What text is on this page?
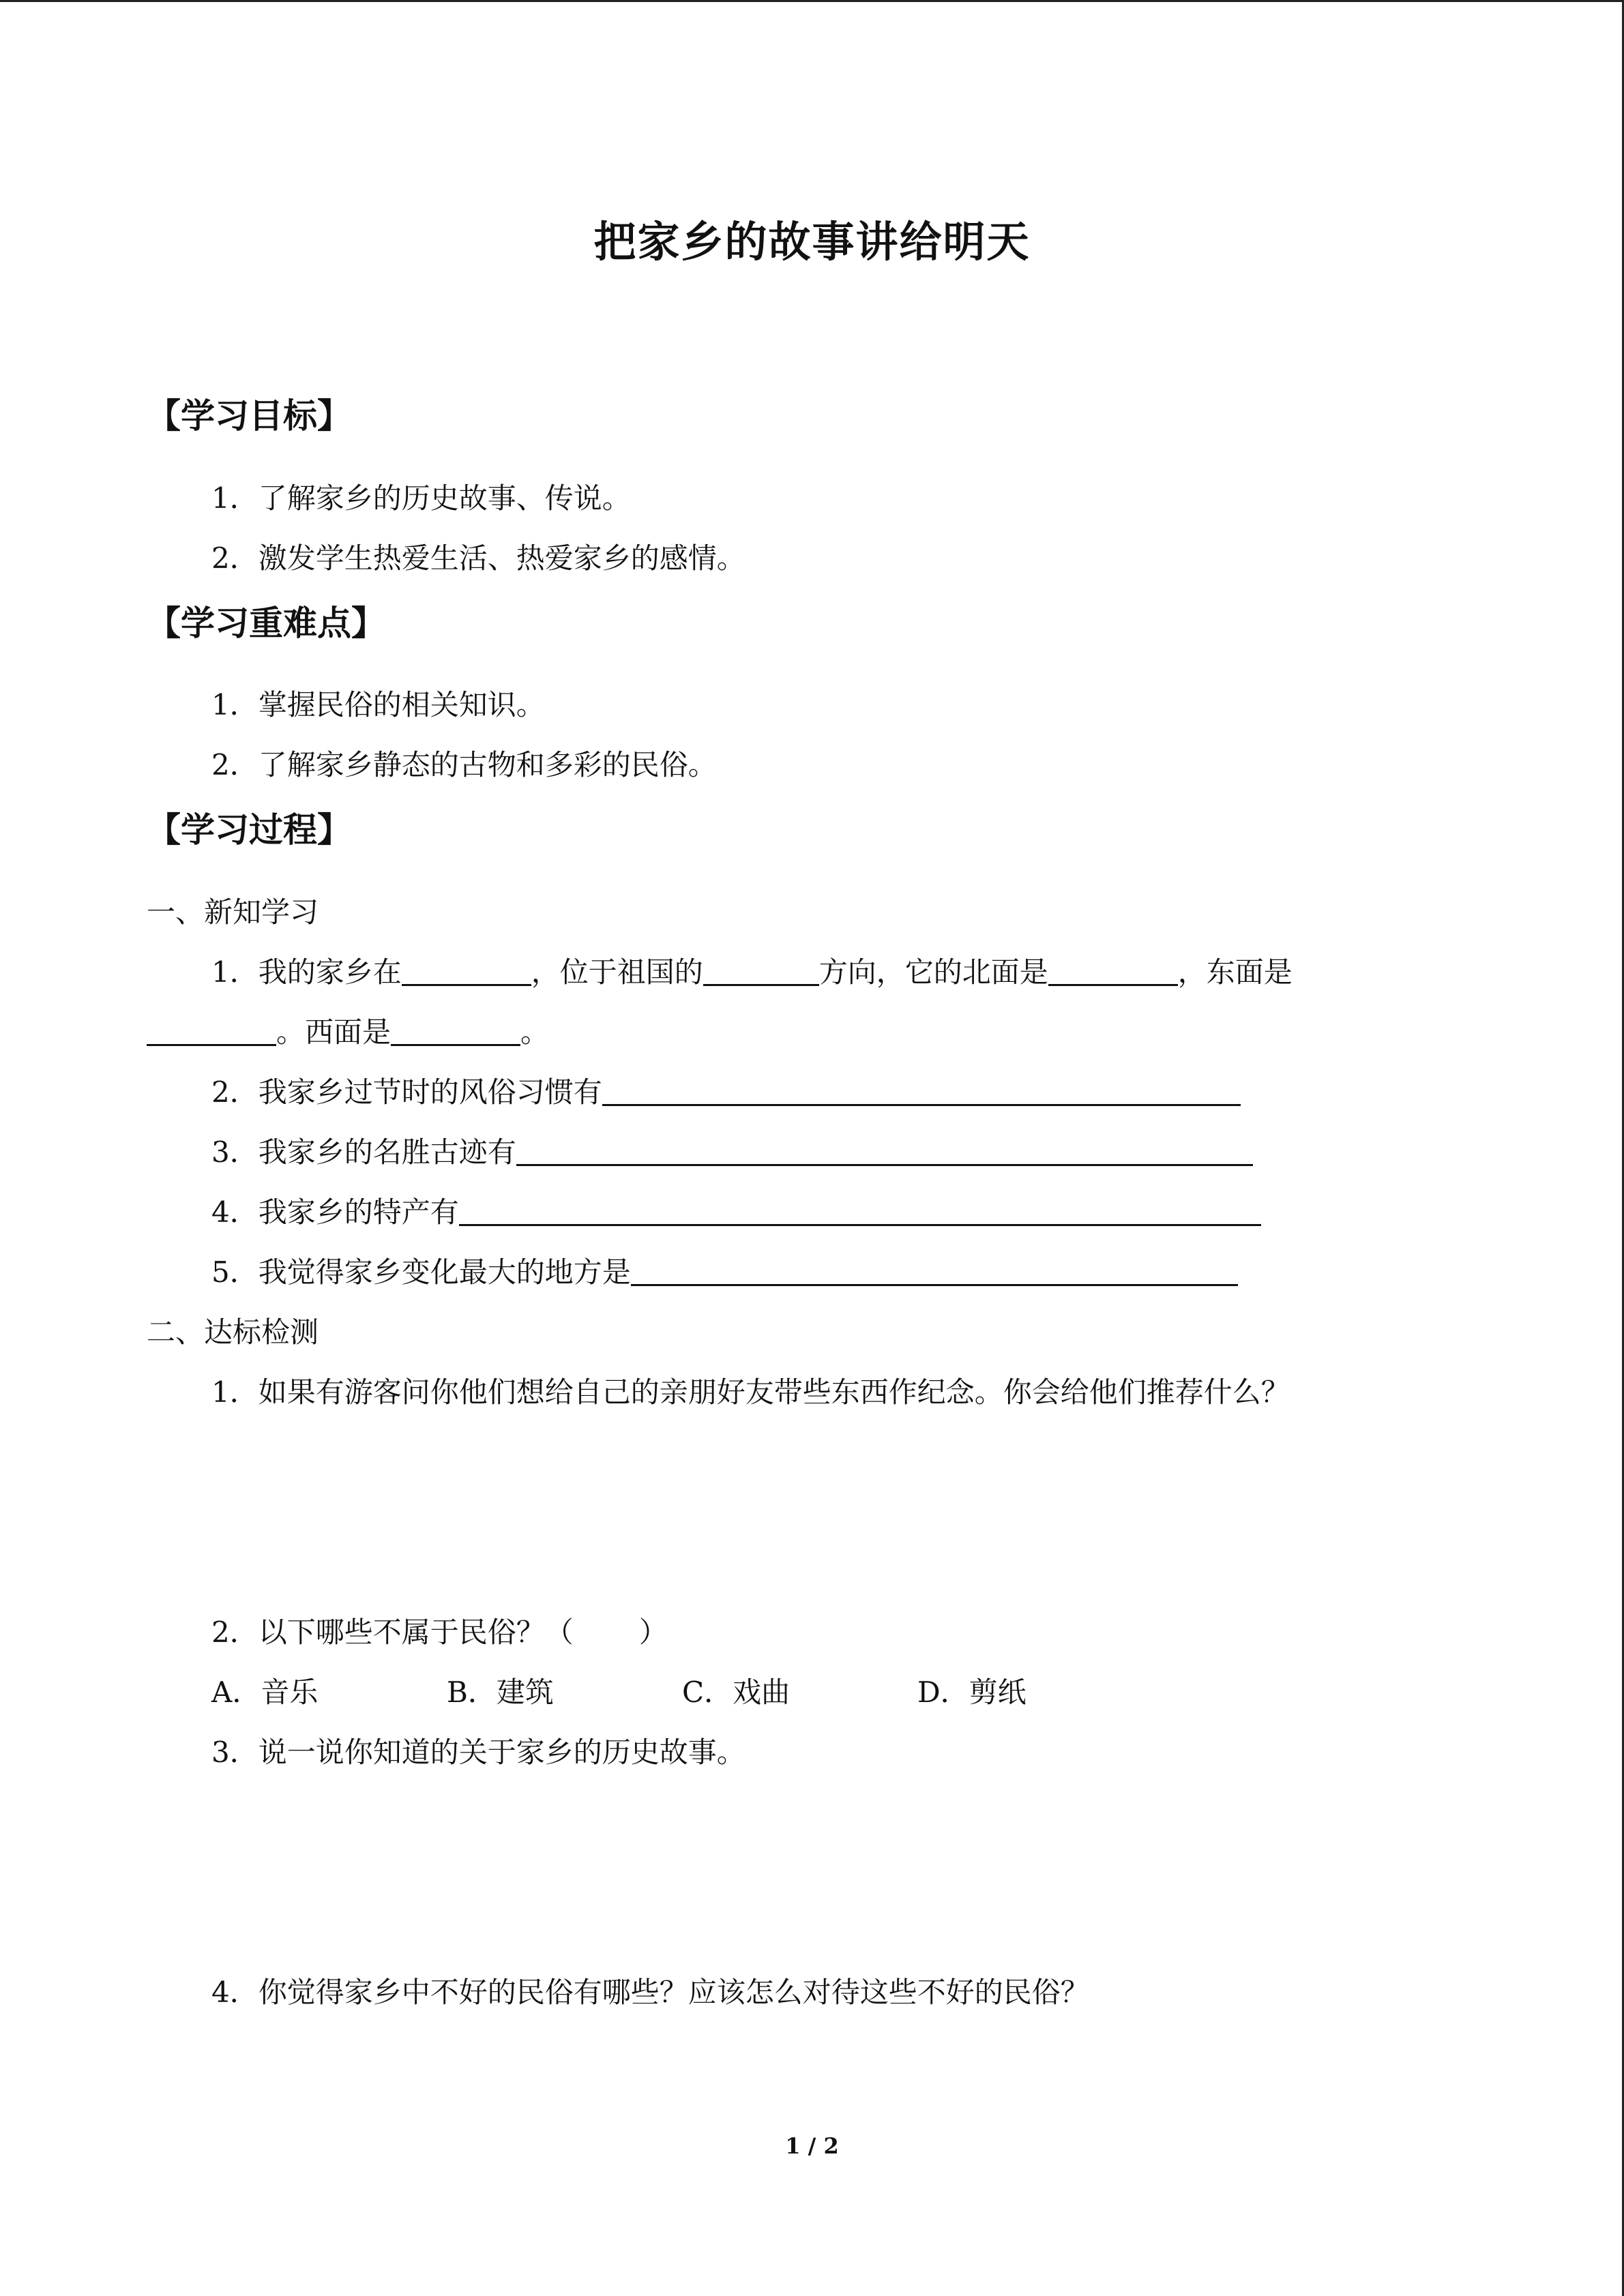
把家乡的故事讲给明天
【学习目标】
1．了解家乡的历史故事、传说。
2．激发学生热爱生活、热爱家乡的感情。
【学习重难点】
1．掌握民俗的相关知识。
2．了解家乡静态的古物和多彩的民俗。
【学习过程】
一、新知学习
1．我的家乡在	，位于祖国的	方向，它的北面是	，东面是
。西面是	。
2．我家乡过节时的风俗习惯有
3．我家乡的名胜古迹有
4．我家乡的特产有
5．我觉得家乡变化最大的地方是
二、达标检测
1．如果有游客问你他们想给自己的亲朋好友带些东西作纪念。你会给他们推荐什么？
2．以下哪些不属于民俗？（ ）
A．音乐	B．建筑	C．戏曲	D．剪纸
3．说一说你知道的关于家乡的历史故事。
4．你觉得家乡中不好的民俗有哪些？应该怎么对待这些不好的民俗？
1 / 2
